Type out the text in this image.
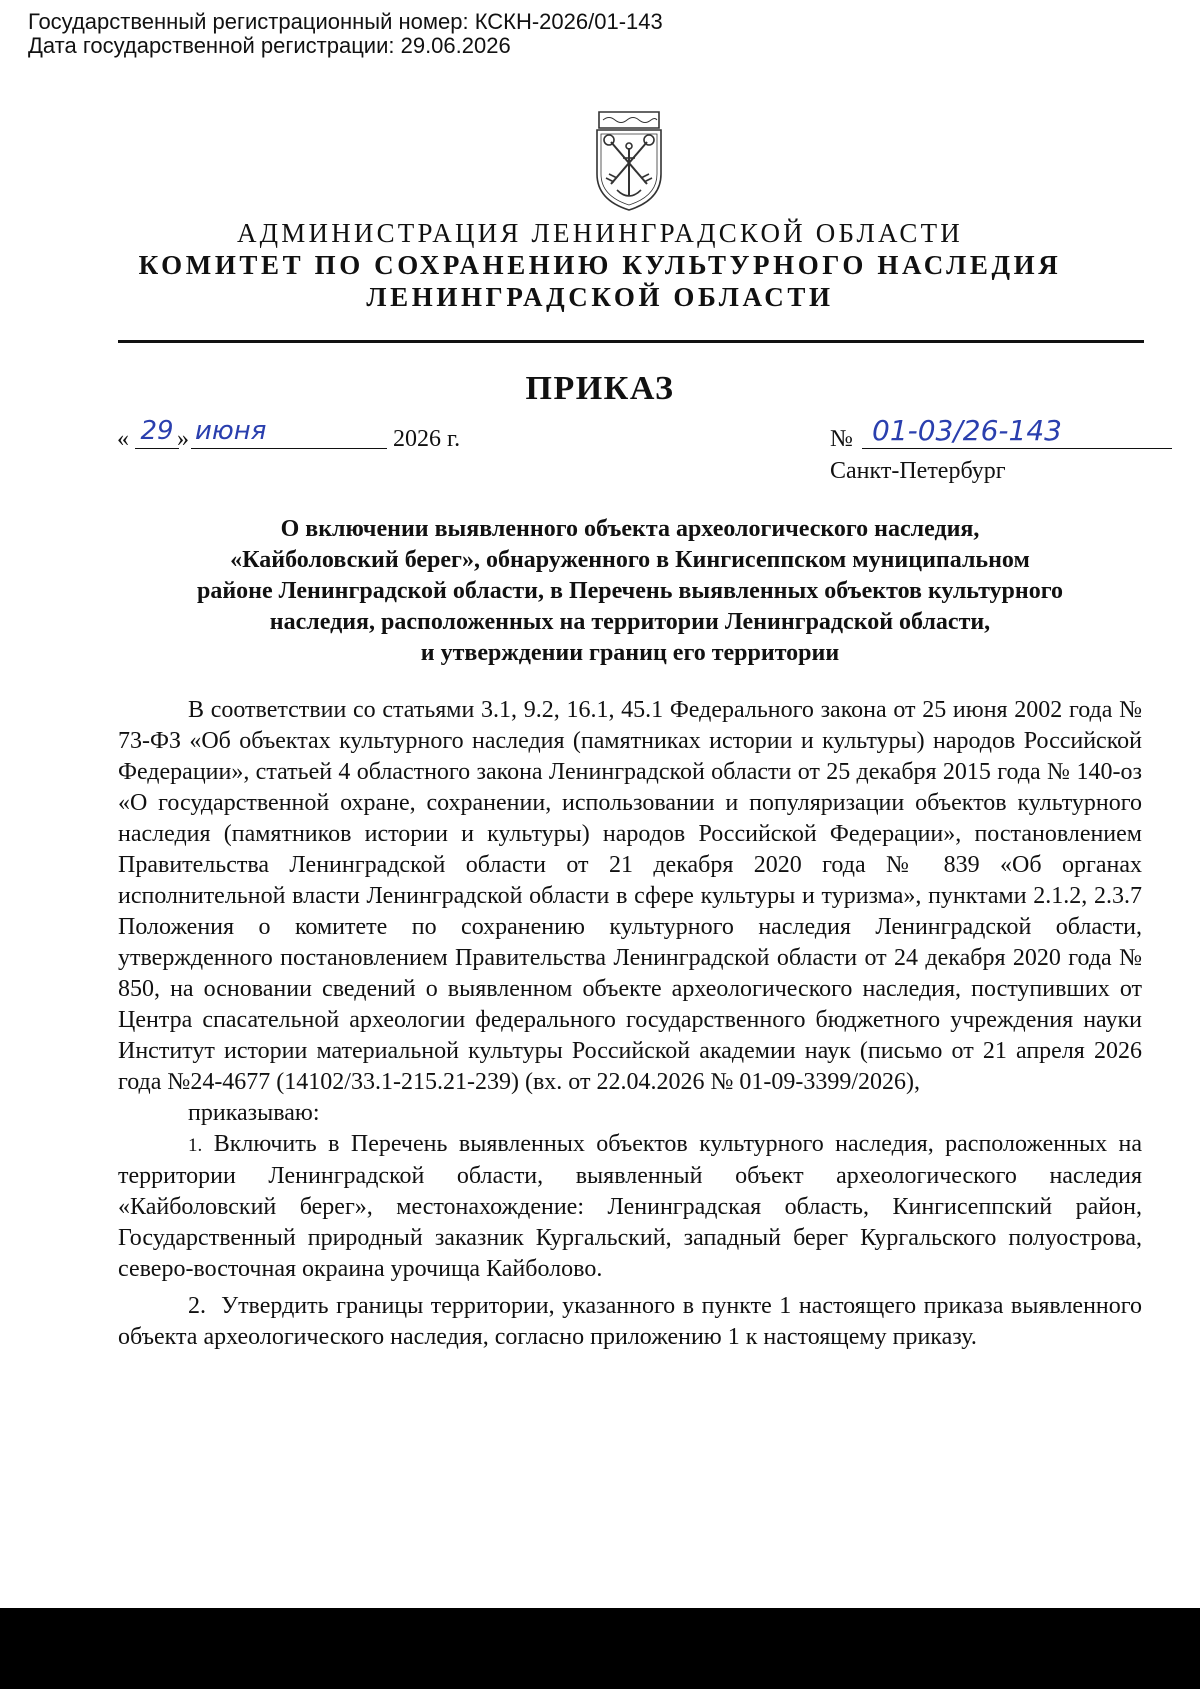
Государственный регистрационный номер: КСКН-2026/01-143
Дата государственной регистрации: 29.06.2026
АДМИНИСТРАЦИЯ ЛЕНИНГРАДСКОЙ ОБЛАСТИ
КОМИТЕТ ПО СОХРАНЕНИЮ КУЛЬТУРНОГО НАСЛЕДИЯ
ЛЕНИНГРАДСКОЙ ОБЛАСТИ
ПРИКАЗ
« 29 » июня	2026 г.	№ 01-03/26-143
Санкт-Петербург
О включении выявленного объекта археологического наследия,
«Кайболовский берег», обнаруженного в Кингисеппском муниципальном
районе Ленинградской области, в Перечень выявленных объектов культурного
наследия, расположенных на территории Ленинградской области,
и утверждении границ его территории

В соответствии со статьями 3.1, 9.2, 16.1, 45.1 Федерального закона от 25 июня 2002 года № 73-ФЗ «Об объектах культурного наследия (памятниках истории и культуры) народов Российской Федерации», статьей 4 областного закона Ленинградской области от 25 декабря 2015 года № 140-оз «О государственной охране, сохранении, использовании и популяризации объектов культурного наследия (памятников истории и культуры) народов Российской Федерации», постановлением Правительства Ленинградской области от 21 декабря 2020 года № 839 «Об органах исполнительной власти Ленинградской области в сфере культуры и туризма», пунктами 2.1.2, 2.3.7 Положения о комитете по сохранению культурного наследия Ленинградской области, утвержденного постановлением Правительства Ленинградской области от 24 декабря 2020 года № 850, на основании сведений о выявленном объекте археологического наследия, поступивших от Центра спасательной археологии федерального государственного бюджетного учреждения науки Институт истории материальной культуры Российской академии наук (письмо от 21 апреля 2026 года №24-4677 (14102/33.1-215.21-239) (вх. от 22.04.2026 № 01-09-3399/2026),

приказываю:

1. Включить в Перечень выявленных объектов культурного наследия, расположенных на территории Ленинградской области, выявленный объект археологического наследия «Кайболовский берег», местонахождение: Ленинградская область, Кингисеппский район, Государственный природный заказник Кургальский, западный берег Кургальского полуострова, северо-восточная окраина урочища Кайболово.

2. Утвердить границы территории, указанного в пункте 1 настоящего приказа выявленного объекта археологического наследия, согласно приложению 1 к настоящему приказу.
